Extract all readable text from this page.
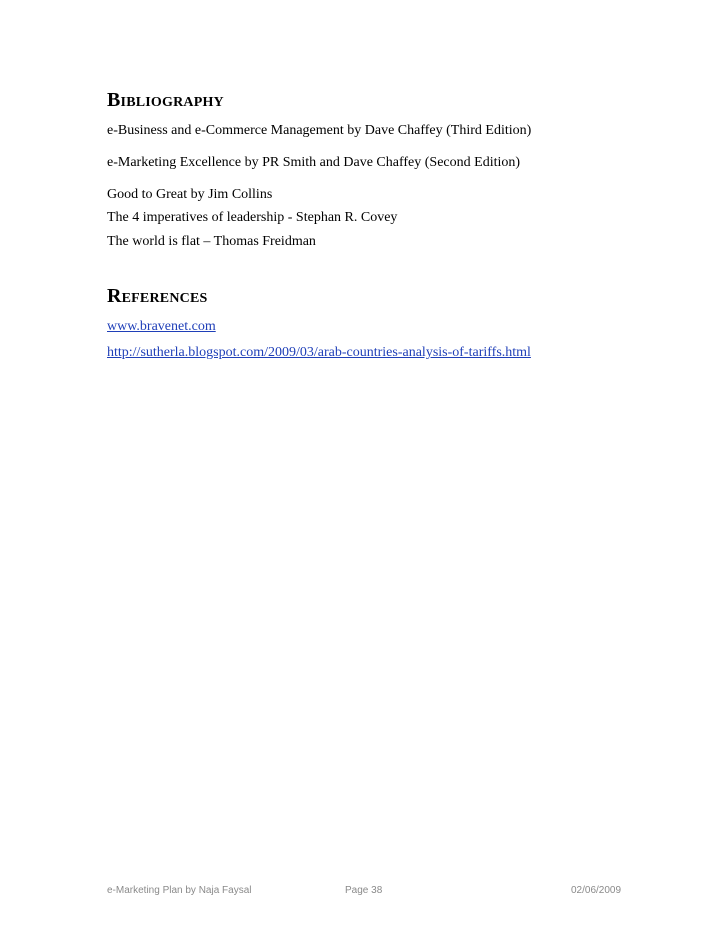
Bibliography

e-Business and e-Commerce Management by Dave Chaffey (Third Edition)

e-Marketing Excellence by PR Smith and Dave Chaffey (Second Edition)

Good to Great by Jim Collins

The 4 imperatives of leadership - Stephan R. Covey

The world is flat – Thomas Freidman

References

www.bravenet.com

http://sutherla.blogspot.com/2009/03/arab-countries-analysis-of-tariffs.html

e-Marketing Plan by Naja Faysal	Page 38	02/06/2009
